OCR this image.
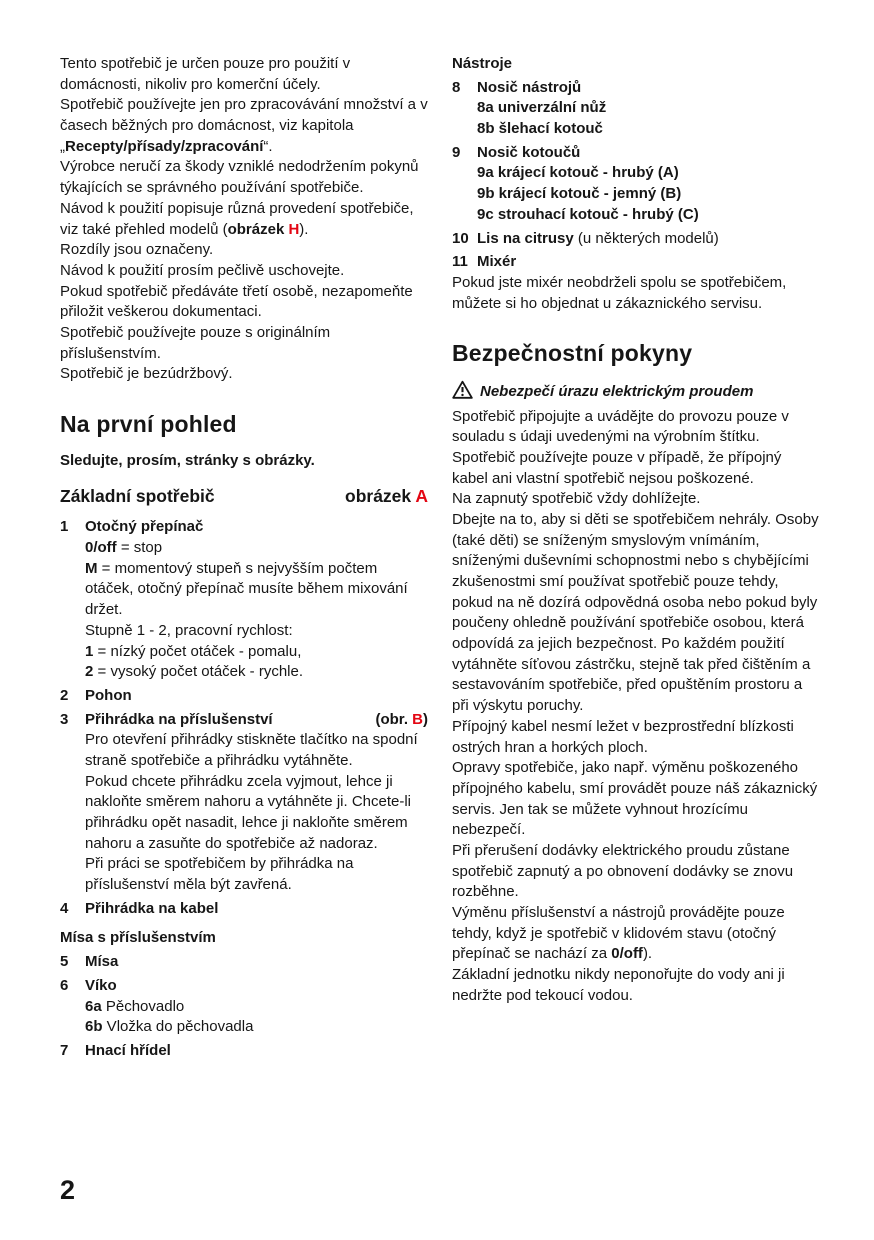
Tento spotřebič je určen pouze pro použití v domácnosti, nikoliv pro komerční účely.
Spotřebič používejte jen pro zpracovávání množství a v časech běžných pro domácnost, viz kapitola „Recepty/přísady/zpracování“.
Výrobce neručí za škody vzniklé nedodržením pokynů týkajících se správného používání spotřebiče.
Návod k použití popisuje různá provedení spotřebiče, viz také přehled modelů (obrázek H).
Rozdíly jsou označeny.
Návod k použití prosím pečlivě uschovejte.
Pokud spotřebič předáváte třetí osobě, nezapomeňte přiložit veškerou dokumentaci.
Spotřebič používejte pouze s originálním příslušenstvím.
Spotřebič je bezúdržbový.
Na první pohled
Sledujte, prosím, stránky s obrázky.
Základní spotřebič	obrázek A
1	Otočný přepínač
0/off = stop
M = momentový stupeň s nejvyšším počtem otáček, otočný přepínač musíte během mixování držet.
Stupně 1 - 2, pracovní rychlost:
1 = nízký počet otáček - pomalu,
2 = vysoký počet otáček - rychle.
2	Pohon
3	Přihrádka na příslušenství	(obr. B)
Pro otevření přihrádky stiskněte tlačítko na spodní straně spotřebiče a přihrádku vytáhněte.
Pokud chcete přihrádku zcela vyjmout, lehce ji nakloňte směrem nahoru a vytáhněte ji. Chcete-li přihrádku opět nasadit, lehce ji nakloňte směrem nahoru a zasuňte do spotřebiče až nadoraz.
Při práci se spotřebičem by přihrádka na příslušenství měla být zavřená.
4	Přihrádka na kabel
Mísa s příslušenstvím
5	Mísa
6	Víko
6a Pěchovadlo
6b Vložka do pěchovadla
7	Hnací hřídel
Nástroje
8	Nosič nástrojů
8a univerzální nůž
8b šlehací kotouč
9	Nosič kotoučů
9a krájecí kotouč - hrubý (A)
9b krájecí kotouč - jemný (B)
9c strouhací kotouč - hrubý (C)
10 Lis na citrusy (u některých modelů)
11 Mixér
Pokud jste mixér neobdrželi spolu se spotřebičem, můžete si ho objednat u zákaznického servisu.
Bezpečnostní pokyny
Nebezpečí úrazu elektrickým proudem
Spotřebič připojujte a uvádějte do provozu pouze v souladu s údaji uvedenými na výrobním štítku.
Spotřebič používejte pouze v případě, že přípojný kabel ani vlastní spotřebič nejsou poškozené.
Na zapnutý spotřebič vždy dohlížejte.
Dbejte na to, aby si děti se spotřebičem nehrály. Osoby (také děti) se sníženým smyslovým vnímáním, sníženými duševními schopnostmi nebo s chybějícími zkušenostmi smí používat spotřebič pouze tehdy, pokud na ně dozírá odpovědná osoba nebo pokud byly poučeny ohledně používání spotřebiče osobou, která odpovídá za jejich bezpečnost. Po každém použití vytáhněte síťovou zástrčku, stejně tak před čištěním a sestavováním spotřebiče, před opuštěním prostoru a při výskytu poruchy.
Přípojný kabel nesmí ležet v bezprostřední blízkosti ostrých hran a horkých ploch.
Opravy spotřebiče, jako např. výměnu poškozeného přípojného kabelu, smí provádět pouze náš zákaznický servis. Jen tak se můžete vyhnout hrozícímu nebezpečí.
Při přerušení dodávky elektrického proudu zůstane spotřebič zapnutý a po obnovení dodávky se znovu rozběhne.
Výměnu příslušenství a nástrojů provádějte pouze tehdy, když je spotřebič v klidovém stavu (otočný přepínač se nachází za 0/off).
Základní jednotku nikdy neponořujte do vody ani ji nedržte pod tekoucí vodou.
2
